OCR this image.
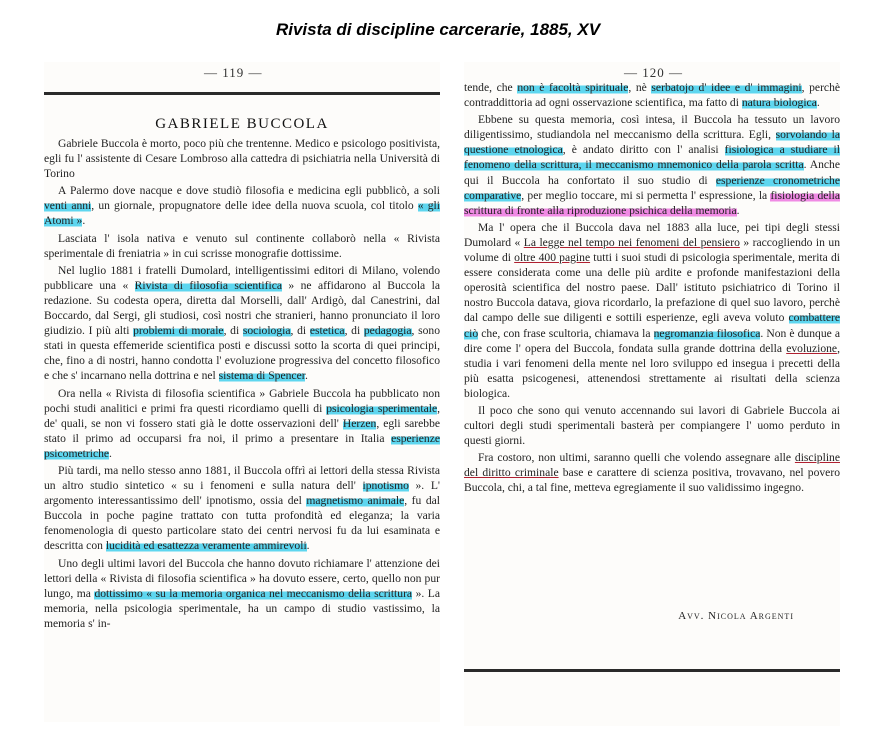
Rivista di discipline carcerarie, 1885, XV
— 119 —
GABRIELE BUCCOLA

Gabriele Buccola è morto, poco più che trentenne. Medico e psicologo positivista, egli fu l' assistente di Cesare Lombroso alla cattedra di psichiatria nella Università di Torino

A Palermo dove nacque e dove studiò filosofia e medicina egli pubblicò, a soli venti anni, un giornale, propugnatore delle idee della nuova scuola, col titolo « gli Atomi ».

Lasciata l' isola nativa e venuto sul continente collaborò nella « Rivista sperimentale di freniatria » in cui scrisse monografie dottissime.

Nel luglio 1881 i fratelli Dumolard, intelligentissimi editori di Milano, volendo pubblicare una « Rivista di filosofia scientifica » ne affidarono al Buccola la redazione. Su codesta opera, diretta dal Morselli, dall' Ardigò, dal Canestrini, dal Boccardo, dal Sergi, gli studiosi, così nostri che stranieri, hanno pronunciato il loro giudizio. I più alti problemi di morale, di sociologia, di estetica, di pedagogia, sono stati in questa effemeride scientifica posti e discussi sotto la scorta di quei principi, che, fino a di nostri, hanno condotta l' evoluzione progressiva del concetto filosofico e che s' incarnano nella dottrina e nel sistema di Spencer.

Ora nella « Rivista di filosofia scientifica » Gabriele Buccola ha pubblicato non pochi studi analitici e primi fra questi ricordiamo quelli di psicologia sperimentale, de' quali, se non vi fossero stati già le dotte osservazioni dell' Herzen, egli sarebbe stato il primo ad occuparsi fra noi, il primo a presentare in Italia esperienze psicometriche.

Più tardi, ma nello stesso anno 1881, il Buccola offrì ai lettori della stessa Rivista un altro studio sintetico « su i fenomeni e sulla natura dell' ipnotismo ». L' argomento interessantissimo dell' ipnotismo, ossia del magnetismo animale, fu dal Buccola in poche pagine trattato con tutta profondità ed eleganza; la varia fenomenologia di questo particolare stato dei centri nervosi fu da lui esaminata e descritta con lucidità ed esattezza veramente ammirevoli.

Uno degli ultimi lavori del Buccola che hanno dovuto richiamare l' attenzione dei lettori della « Rivista di filosofia scientifica » ha dovuto essere, certo, quello non pur lungo, ma dottissimo « su la memoria organica nel meccanismo della scrittura ». La memoria, nella psicologia sperimentale, ha un campo di studio vastissimo, la memoria s' in-

— 120 —

tende, che non è facoltà spirituale, nè serbatojo d' idee e d' immagini, perchè contraddittoria ad ogni osservazione scientifica, ma fatto di natura biologica.

Ebbene su questa memoria, così intesa, il Buccola ha tessuto un lavoro diligentissimo, studiandola nel meccanismo della scrittura. Egli, sorvolando la questione etnologica, è andato diritto con l' analisi fisiologica a studiare il fenomeno della scrittura, il meccanismo mnemonico della parola scritta. Anche qui il Buccola ha confortato il suo studio di esperienze cronometriche comparative, per meglio toccare, mi si permetta l' espressione, la fisiologia della scrittura di fronte alla riproduzione psichica della memoria.

Ma l' opera che il Buccola dava nel 1883 alla luce, pei tipi degli stessi Dumolard « La legge nel tempo nei fenomeni del pensiero » raccogliendo in un volume di oltre 400 pagine tutti i suoi studi di psicologia sperimentale, merita di essere considerata come una delle più ardite e profonde manifestazioni della operosità scientifica del nostro paese. Dall' istituto psichiatrico di Torino il nostro Buccola datava, giova ricordarlo, la prefazione di quel suo lavoro, perchè dal campo delle sue diligenti e sottili esperienze, egli aveva voluto combattere ciò che, con frase scultoria, chiamava la negromanzia filosofica. Non è dunque a dire come l' opera del Buccola, fondata sulla grande dottrina della evoluzione, studia i vari fenomeni della mente nel loro sviluppo ed insegua i precetti della più esatta psicogenesi, attenendosi strettamente ai risultati della scienza biologica.

Il poco che sono qui venuto accennando sui lavori di Gabriele Buccola ai cultori degli studi sperimentali basterà per compiangere l' uomo perduto in questi giorni.

Fra costoro, non ultimi, saranno quelli che volendo assegnare alle discipline del diritto criminale base e carattere di scienza positiva, trovavano, nel povero Buccola, chi, a tal fine, metteva egregiamente il suo validissimo ingegno.

Avv. Nicola Argenti
